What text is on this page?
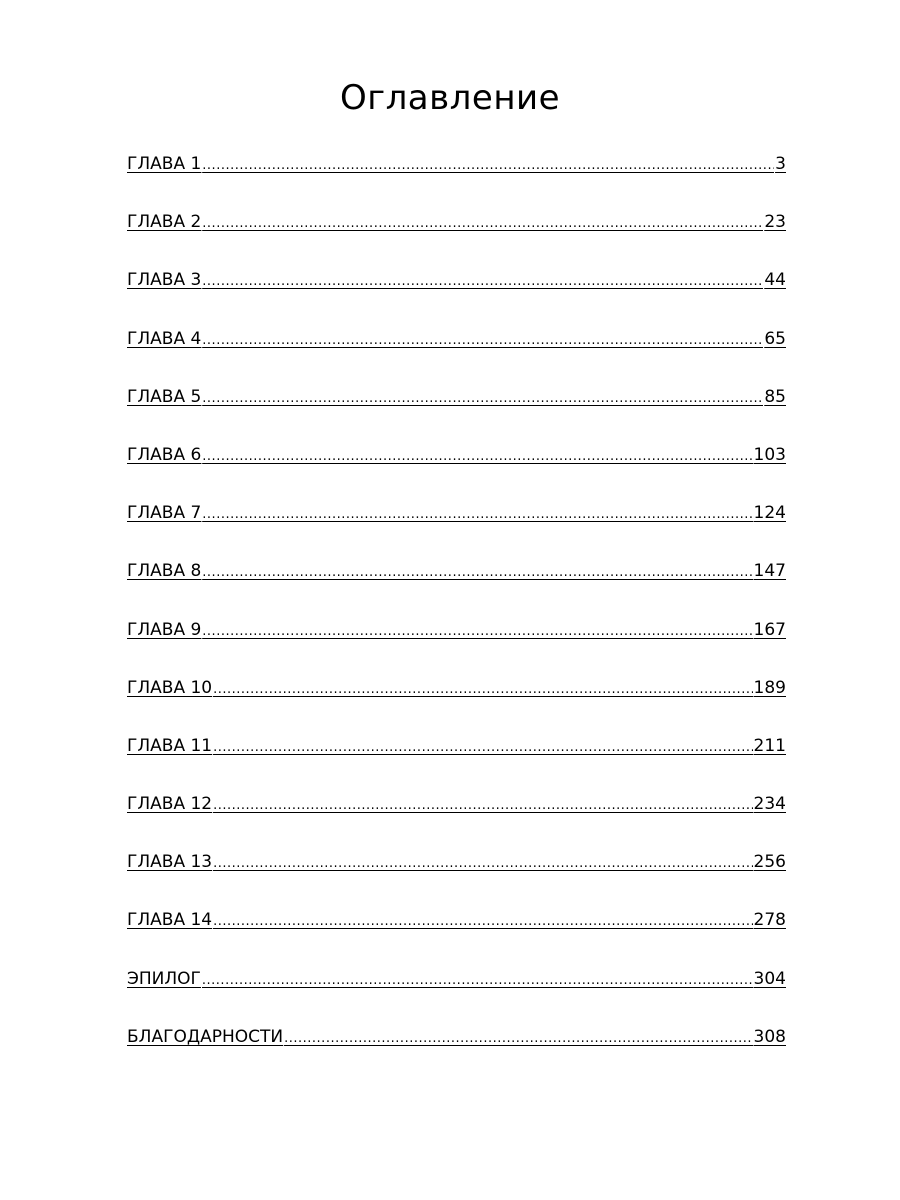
Оглавление
ГЛАВА 1 .....	3
ГЛАВА 2 .....	23
ГЛАВА 3 .....	44
ГЛАВА 4 .....	65
ГЛАВА 5 .....	85
ГЛАВА 6 .....	103
ГЛАВА 7 .....	124
ГЛАВА 8 .....	147
ГЛАВА 9 .....	167
ГЛАВА 10 .....	189
ГЛАВА 11 .....	211
ГЛАВА 12 .....	234
ГЛАВА 13 .....	256
ГЛАВА 14 .....	278
ЭПИЛОГ .....	304
БЛАГОДАРНОСТИ .....	308
